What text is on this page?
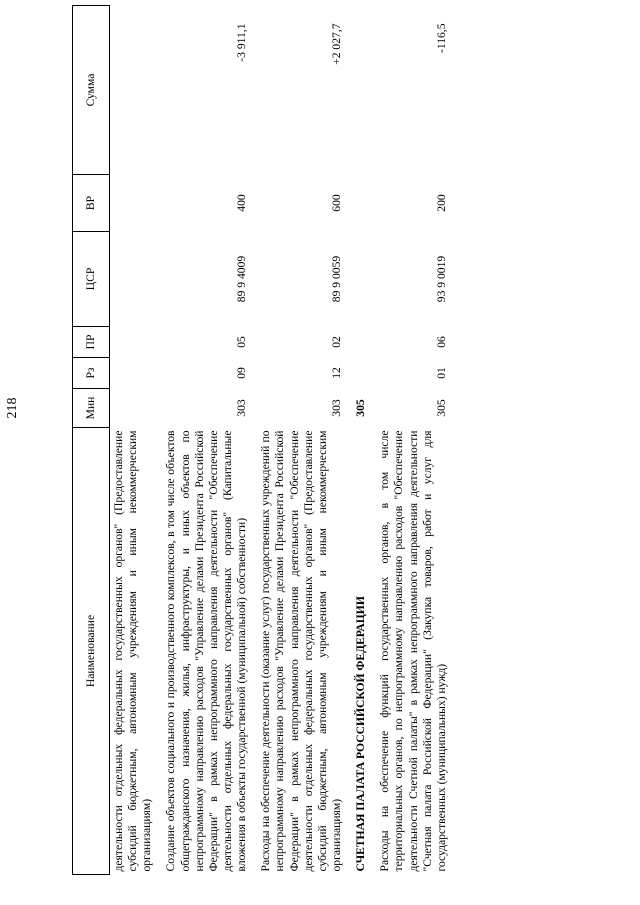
218
Наименование	Мин	Рз	ПР	ЦСР	ВР	Сумма
деятельности отдельных федеральных государственных органов" (Предоставление субсидий бюджетным, автономным учреждениям и иным некоммерческим организациям)						
Создание объектов социального и производственного комплексов, в том числе объектов общегражданского назначения, жилья, инфраструктуры, и иных объектов по непрограммному направлению расходов "Управление делами Президента Российской Федерации" в рамках непрограммного направления деятельности "Обеспечение деятельности отдельных федеральных государственных органов" (Капитальные вложения в объекты государственной (муниципальной) собственности)	303	09	05	89 9 4009	400	-3 911,1
Расходы на обеспечение деятельности (оказание услуг) государственных учреждений по непрограммному направлению расходов "Управление делами Президента Российской Федерации" в рамках непрограммного направления деятельности "Обеспечение деятельности отдельных федеральных государственных органов" (Предоставление субсидий бюджетным, автономным учреждениям и иным некоммерческим организациям)	303	12	02	89 9 0059	600	+2 027,7
СЧЕТНАЯ ПАЛАТА РОССИЙСКОЙ ФЕДЕРАЦИИ	305					
Расходы на обеспечение функций государственных органов, в том числе территориальных органов, по непрограммному направлению расходов "Обеспечение деятельности Счетной палаты" в рамках непрограммного направления деятельности "Счетная палата Российской Федерации" (Закупка товаров, работ и услуг для государственных (муниципальных) нужд)	305	01	06	93 9 0019	200	-116,5
